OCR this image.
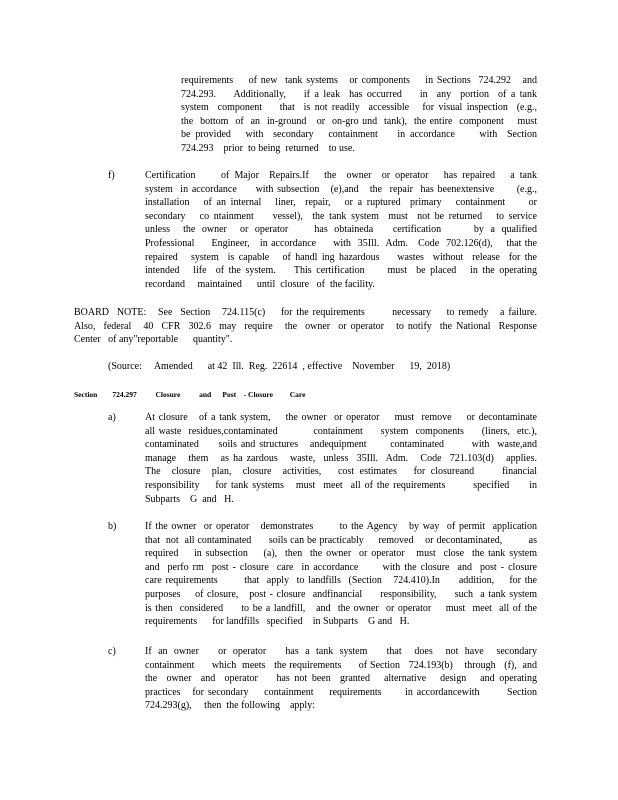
requirements    of new  tank systems   or components    in Sections  724.292   and
724.293.    Additionally,    if a leak  has occurred    in  any  portion  of a tank
system  component    that  is not readily  accessible   for visual inspection  (e.g.,
the  bottom  of  an  in-ground   or  on-gro und  tank),  the entire  component    must
be provided   with  secondary   containment    in accordance     with  Section
724.293    prior  to being  returned    to use.
f)	Certification     of Major  Repairs.If   the  owner  or operator   has repaired   a tank
system  in accordance     with subsection   (e),and   the  repair  has beenextensive      (e.g.,
installation   of an internal   liner,  repair,   or a ruptured  primary   containment     or
secondary   co ntainment    vessel),  the tank system  must  not be returned   to service
unless  the owner  or operator    has obtaineda   certification     by a qualified
Professional     Engineer,   in accordance     with  35Ill.  Adm.   Code  702.126(d),    that the
repaired   system  is capable   of handl ing hazardous    wastes  without  release  for the
intended   life  of the system.    This certification     must  be placed   in the operating
recordand     maintained      until  closure   of  the facility.
BOARD  NOTE:   See  Section   724.115(c)    for the requirements       necessary    to remedy   a failure.
Also,  federal   40  CFR  302.6  may  require   the  owner  or operator   to notify  the National  Response
Center   of any"reportable      quantity".
(Source:     Amended      at 42  Ill.  Reg.  22614  , effective    November      19,  2018)
Section        724.297          Closure          and      Post    - Closure         Care
a)	At closure   of a tank system,    the owner  or operator    must  remove    or decontaminate
all waste  residues,contaminated          containment     system  components     (liners,  etc.),
contaminated     soils and structures   andequipment      contaminated       with  waste,and
manage   them   as ha zardous   waste,  unless  35Ill.  Adm.   Code  721.103(d)   applies.
The  closure  plan,  closure  activities,   cost estimates   for closureand     financial
responsibility    for tank systems   must  meet  all of the requirements       specified     in
Subparts    G  and   H.
b)	If the owner  or operator   demonstrates       to the Agency   by way  of permit  application
that  not  all contaminated      soils can be practicably     removed    or decontaminated,         as
required    in subsection    (a),  then  the owner  or operator   must  close  the tank system
and  perfo rm  post - closure  care  in accordance      with the closure  and  post - closure
care requirements       that  apply  to landfills  (Section   724.410).In     addition,    for the
purposes    of closure,   post - closure  andfinancial     responsibility,     such  a tank system
is then  considered     to be a landfill,   and  the owner  or operator    must  meet  all of the
requirements      for landfills   specified    in Subparts    G and   H.
c)	If an owner   or operator   has a tank system   that  does  not have  secondary
containment      which  meets   the requirements      of Section   724.193(b)    through   (f),  and
the  owner  and  operator    has not been  granted   alternative   design   and operating
practices   for secondary    containment    requirements      in accordancewith       Section
724.293(g),     then  the following    apply:
